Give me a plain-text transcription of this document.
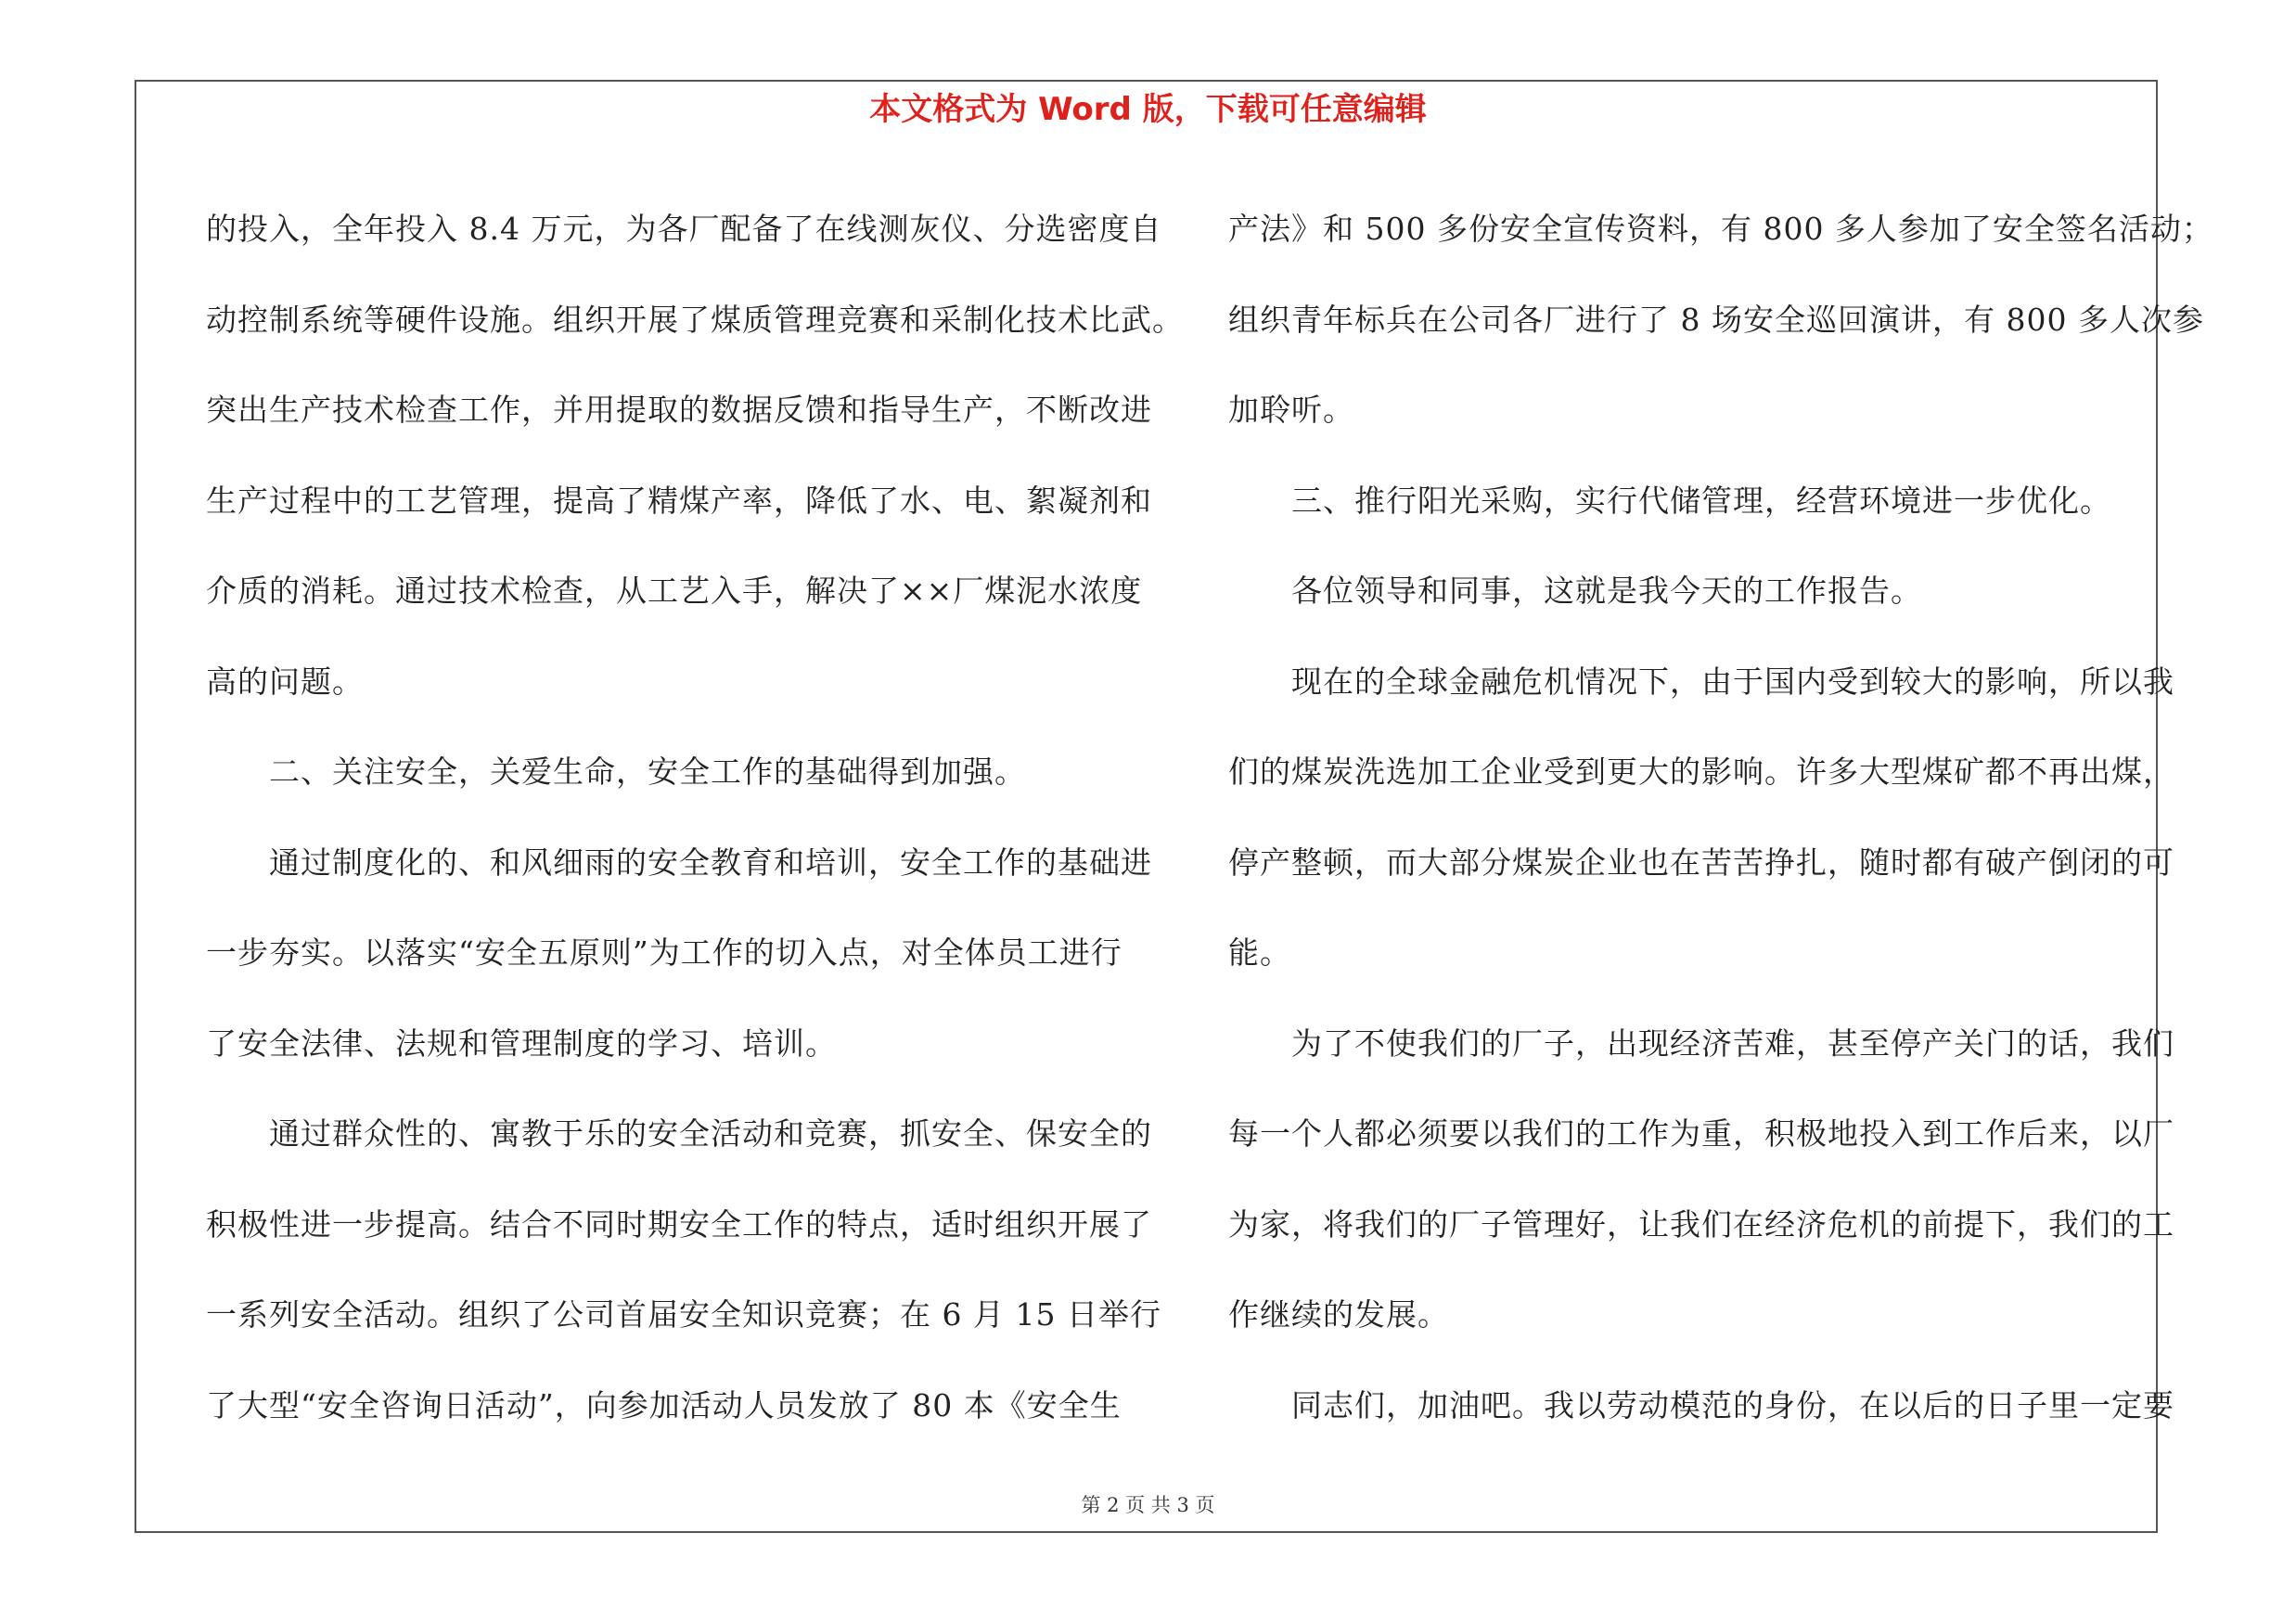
本文格式为 Word 版，下载可任意编辑
的投入，全年投入 8.4 万元，为各厂配备了在线测灰仪、分选密度自
动控制系统等硬件设施。组织开展了煤质管理竞赛和采制化技术比武。
突出生产技术检查工作，并用提取的数据反馈和指导生产，不断改进
生产过程中的工艺管理，提高了精煤产率，降低了水、电、絮凝剂和
介质的消耗。通过技术检查，从工艺入手，解决了××厂煤泥水浓度
高的问题。
二、关注安全，关爱生命，安全工作的基础得到加强。
通过制度化的、和风细雨的安全教育和培训，安全工作的基础进
一步夯实。以落实“安全五原则”为工作的切入点，对全体员工进行
了安全法律、法规和管理制度的学习、培训。
通过群众性的、寓教于乐的安全活动和竞赛，抓安全、保安全的
积极性进一步提高。结合不同时期安全工作的特点，适时组织开展了
一系列安全活动。组织了公司首届安全知识竞赛；在 6 月 15 日举行
了大型“安全咨询日活动”，向参加活动人员发放了 80 本《安全生
产法》和 500 多份安全宣传资料，有 800 多人参加了安全签名活动；
组织青年标兵在公司各厂进行了 8 场安全巡回演讲，有 800 多人次参
加聆听。
三、推行阳光采购，实行代储管理，经营环境进一步优化。
各位领导和同事，这就是我今天的工作报告。
现在的全球金融危机情况下，由于国内受到较大的影响，所以我
们的煤炭洗选加工企业受到更大的影响。许多大型煤矿都不再出煤，
停产整顿，而大部分煤炭企业也在苦苦挣扎，随时都有破产倒闭的可
能。
为了不使我们的厂子，出现经济苦难，甚至停产关门的话，我们
每一个人都必须要以我们的工作为重，积极地投入到工作后来，以厂
为家，将我们的厂子管理好，让我们在经济危机的前提下，我们的工
作继续的发展。
同志们，加油吧。我以劳动模范的身份，在以后的日子里一定要
第 2 页 共 3 页
